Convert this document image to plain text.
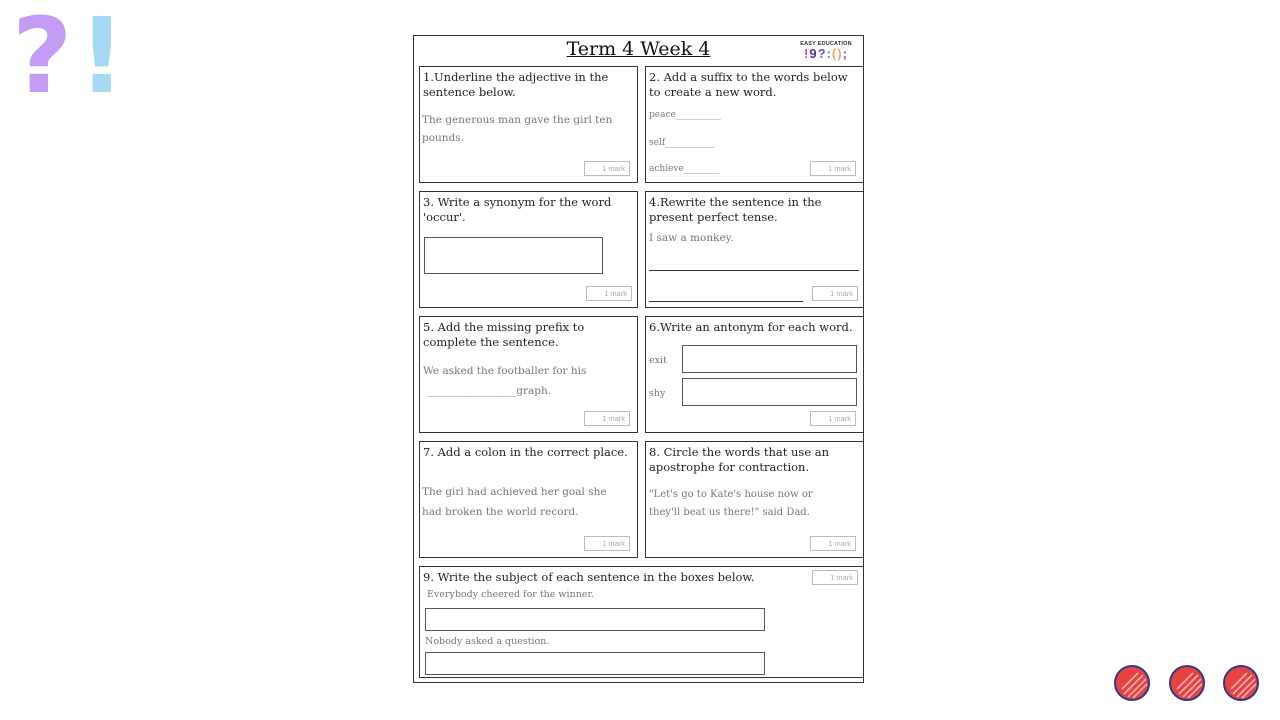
? !	Term 4 Week 4	EASY EDUCATION
!9?:();
1.Underline the adjective in the sentence below.
The generous man gave the girl ten pounds.
1 mark
2. Add a suffix to the words below to create a new word.
peace__________
self___________
achieve________	1 mark
3. Write a synonym for the word 'occur'.
1 mark
4.Rewrite the sentence in the present perfect tense.
I saw a monkey.
1 mark
5. Add the missing prefix to complete the sentence.
We asked the footballer for his
_________________graph.
1 mark
6.Write an antonym for each word.
exit
shy
1 mark
7. Add a colon in the correct place.
The girl had achieved her goal she
had broken the world record.
1 mark
8. Circle the words that use an apostrophe for contraction.
"Let's go to Kate's house now or
they'll beat us there!" said Dad.
1 mark
9. Write the subject of each sentence in the boxes below.
Everybody cheered for the winner.
Nobody asked a question.
1 mark
